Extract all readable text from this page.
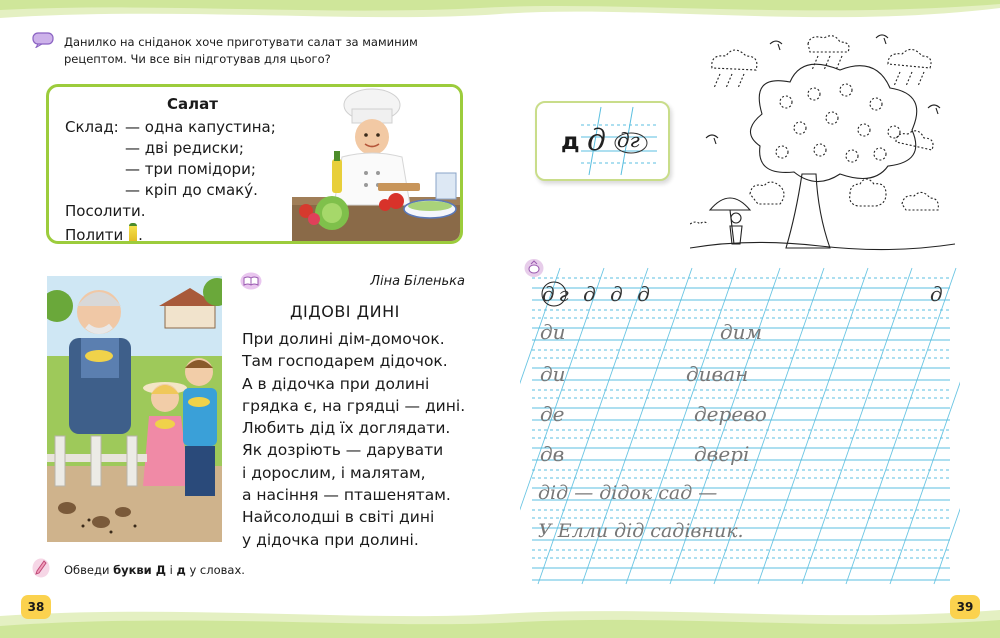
Данилко на сніданок хоче приготувати салат за маминим рецептом. Чи все він підготував для цього?
Салат
Склад: — одна капустина;
— дві редиски;
— три помідори;
— кріп до смаку́.
Посолити.
Полити .
Ліна Біленька
ДІДОВІ ДИНІ
При долині дім-домочок.
Там господарем дідочок.
А в дідочка при долині
грядка є, на грядці — дині.
Любить дід їх доглядати.
Як дозріють — дарувати
і дорослим, і малятам,
а насіння — пташенятам.
Найсолодші в світі дині
у дідочка при долині.
Обведи букви Д і д у словах.
д д дг
дг д д д	д
ди	дим
ди	диван
де	дерево
дв	двері
дід — дідок сад —
У Елли дід садівник.
38	39
